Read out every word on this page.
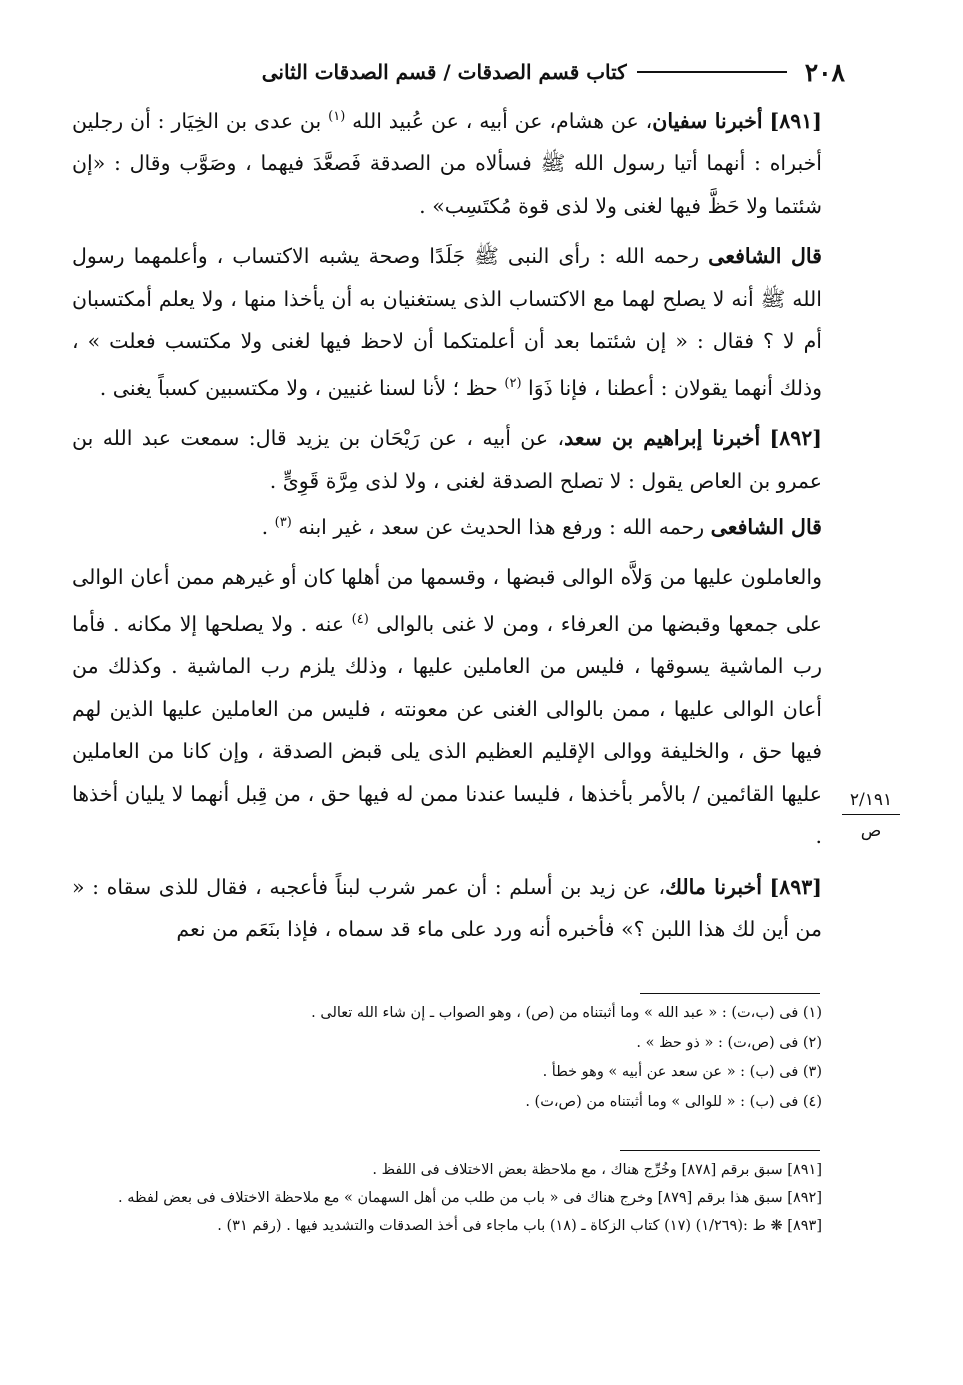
٢٠٨
كتاب قسم الصدقات / قسم الصدقات الثانى

[٨٩١] أخبرنا سفيان، عن هشام، عن أبيه ، عن عُبيد الله $^{(١)}$ بن عدى بن الخِيَار : أن رجلين أخبراه : أنهما أتيا رسول الله ﷺ فسألاه من الصدقة فَصعَّدَ فيهما ، وصَوَّب وقال : «إن شئتما ولا حَظَّ فيها لغنى ولا لذى قوة مُكتَسِب» .

قال الشافعى رحمه الله : رأى النبى ﷺ جَلَدًا وصحة يشبه الاكتساب ، وأعلمهما رسول الله ﷺ أنه لا يصلح لهما مع الاكتساب الذى يستغنيان به أن يأخذا منها ، ولا يعلم أمكتسبان أم لا ؟ فقال : « إن شئتما بعد أن أعلمتكما أن لاحظ فيها لغنى ولا مكتسب فعلت » ، وذلك أنهما يقولان : أعطنا ، فإنا ذَوَا $^{(٢)}$ حظ ؛ لأنا لسنا غنيين ، ولا مكتسبين كسباً يغنى .

[٨٩٢] أخبرنا إبراهيم بن سعد، عن أبيه ، عن رَيْحَان بن يزيد قال: سمعت عبد الله بن عمرو بن العاص يقول : لا تصلح الصدقة لغنى ، ولا لذى مِرَّة قَوِىٍّ .

قال الشافعى رحمه الله : ورفع هذا الحديث عن سعد ، غير ابنه $^{(٣)}$ .

والعاملون عليها من وَلاَّه الوالى قبضها ، وقسمها من أهلها كان أو غيرهم ممن أعان الوالى على جمعها وقبضها من العرفاء ، ومن لا غنى بالوالى $^{(٤)}$ عنه . ولا يصلحها إلا مكانه . فأما رب الماشية يسوقها ، فليس من العاملين عليها ، وذلك يلزم رب الماشية . وكذلك من أعان الوالى عليها ، ممن بالوالى الغنى عن معونته ، فليس من العاملين عليها الذين لهم فيها حق ، والخليفة ووالى الإقليم العظيم الذى يلى قبض الصدقة ، وإن كانا من العاملين عليها القائمين / بالأمر بأخذها ، فليسا عندنا ممن له فيها حق ، من قِبل أنهما لا يليان أخذها .

[٨٩٣] أخبرنا مالك، عن زيد بن أسلم : أن عمر شرب لبناً فأعجبه ، فقال للذى سقاه : « من أين لك هذا اللبن ؟» فأخبره أنه ورد على ماء قد سماه ، فإذا بنَعَم من نعم

٢/١٩١
ص

(١) فى (ب،ت) : « عبد الله » وما أثبتناه من (ص) ، وهو الصواب ـ إن شاء الله تعالى .

(٢) فى (ص،ت) : « ذو حظ » .

(٣) فى (ب) : « عن سعد عن أبيه » وهو خطأ .

(٤) فى (ب) : « للوالى » وما أثبتناه من (ص،ت) .

[٨٩١] سبق برقم [٨٧٨] وخُرِّج هناك ، مع ملاحظة بعض الاختلاف فى اللفظ .

[٨٩٢] سبق هذا برقم [٨٧٩] وخرج هناك فى « باب من طلب من أهل السهمان » مع ملاحظة الاختلاف فى بعض لفظه .

[٨٩٣] ❋ ط :(١/٢٦٩) (١٧) كتاب الزكاة ـ (١٨) باب ماجاء فى أخذ الصدقات والتشديد فيها . (رقم ٣١) .
